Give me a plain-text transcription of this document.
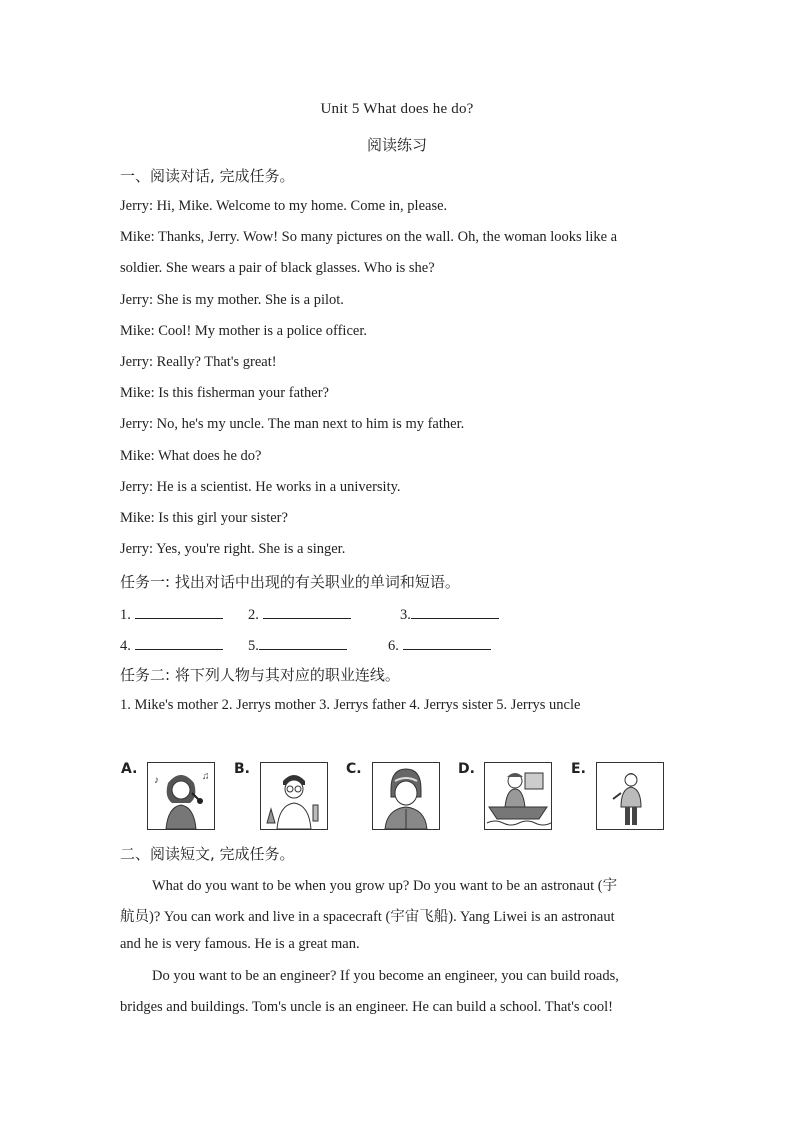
Unit 5 What does he do?
阅读练习
一、阅读对话, 完成任务。
Jerry: Hi, Mike. Welcome to my home. Come in, please.
Mike: Thanks, Jerry. Wow! So many pictures on the wall. Oh, the woman looks like a
soldier. She wears a pair of black glasses. Who is she?
Jerry: She is my mother. She is a pilot.
Mike: Cool! My mother is a police officer.
Jerry: Really? That's great!
Mike: Is this fisherman your father?
Jerry: No, he's my uncle. The man next to him is my father.
Mike: What does he do?
Jerry: He is a scientist. He works in a university.
Mike: Is this girl your sister?
Jerry: Yes, you're right. She is a singer.
任务一: 找出对话中出现的有关职业的单词和短语。
1.	2.	3.
4.	5.	6.
任务二: 将下列人物与其对应的职业连线。
1. Mike's mother 2. Jerrys mother 3. Jerrys father 4. Jerrys sister 5. Jerrys uncle
A.
♪	♫ B.	C.	D.	E.
二、阅读短文, 完成任务。
What do you want to be when you grow up? Do you want to be an astronaut (宇
航员)? You can work and live in a spacecraft (宇宙飞船). Yang Liwei is an astronaut
and he is very famous. He is a great man.
Do you want to be an engineer? If you become an engineer, you can build roads,
bridges and buildings. Tom's uncle is an engineer. He can build a school. That's cool!
